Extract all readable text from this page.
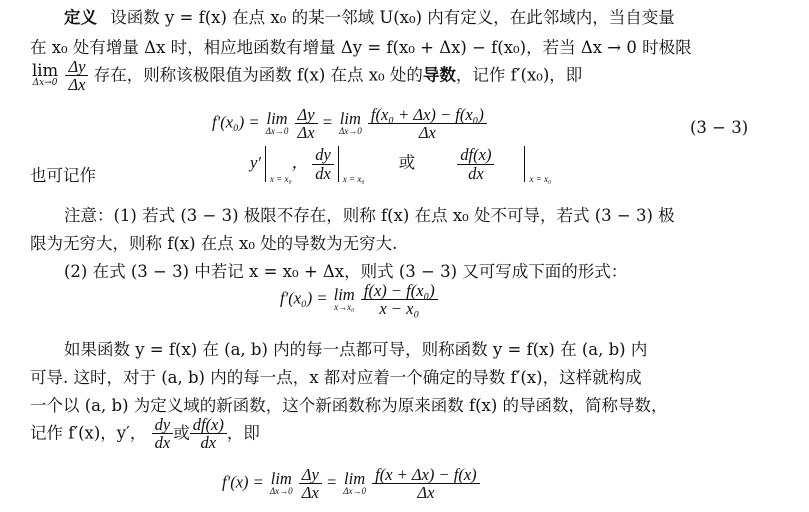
定义 设函数 y = f(x) 在点 x₀ 的某一邻域 U(x₀) 内有定义，在此邻域内，当自变量
在 x₀ 处有增量 Δx 时，相应地函数有增量 Δy = f(x₀ + Δx) − f(x₀)，若当 Δx → 0 时极限
lim
Δx→0
$\frac{\Delta y}{\Delta x}$ 存在，则称该极限值为函数 f(x) 在点 x₀ 处的导数，记作 f′(x₀)，即
f′(x₀) = lim
Δx→0
$\frac{\Delta y}{\Delta x} = \lim$
Δx→0
$\frac{\text{f(x₀ + Δx) − f(x₀)}}{\Delta x}$	(3 − 3)
也可记作
$y'_{x = x_0}$， $\frac{dy}{dx} _{x = x_0}$ 或	$\frac{df(x)}{dx}$	$_{x = x_0}$
注意：(1) 若式 (3 − 3) 极限不存在，则称 f(x) 在点 x₀ 处不可导，若式 (3 − 3) 极
限为无穷大，则称 f(x) 在点 x₀ 处的导数为无穷大.
(2) 在式 (3 − 3) 中若记 x = x₀ + Δx，则式 (3 − 3) 又可写成下面的形式：
f′(x₀) = lim
x→x₀
$\frac{\text{f(x) − f(x₀)}}{\text{x − x₀}}$
如果函数 y = f(x) 在 (a, b) 内的每一点都可导，则称函数 y = f(x) 在 (a, b) 内
可导. 这时，对于 (a, b) 内的每一点，x 都对应着一个确定的导数 f′(x)，这样就构成
一个以 (a, b) 为定义域的新函数，这个新函数称为原来函数 f(x) 的导函数，简称导数，
记作 f′(x)，y′， $\frac{dy}{dx}$ 或 $\frac{df(x)}{dx}$ ，即
f′(x) = lim
Δx→0
$\frac{\Delta y}{\Delta x} = \lim$
Δx→0
$\frac{f(x + \Delta x) - f(x)}{\Delta x}$
